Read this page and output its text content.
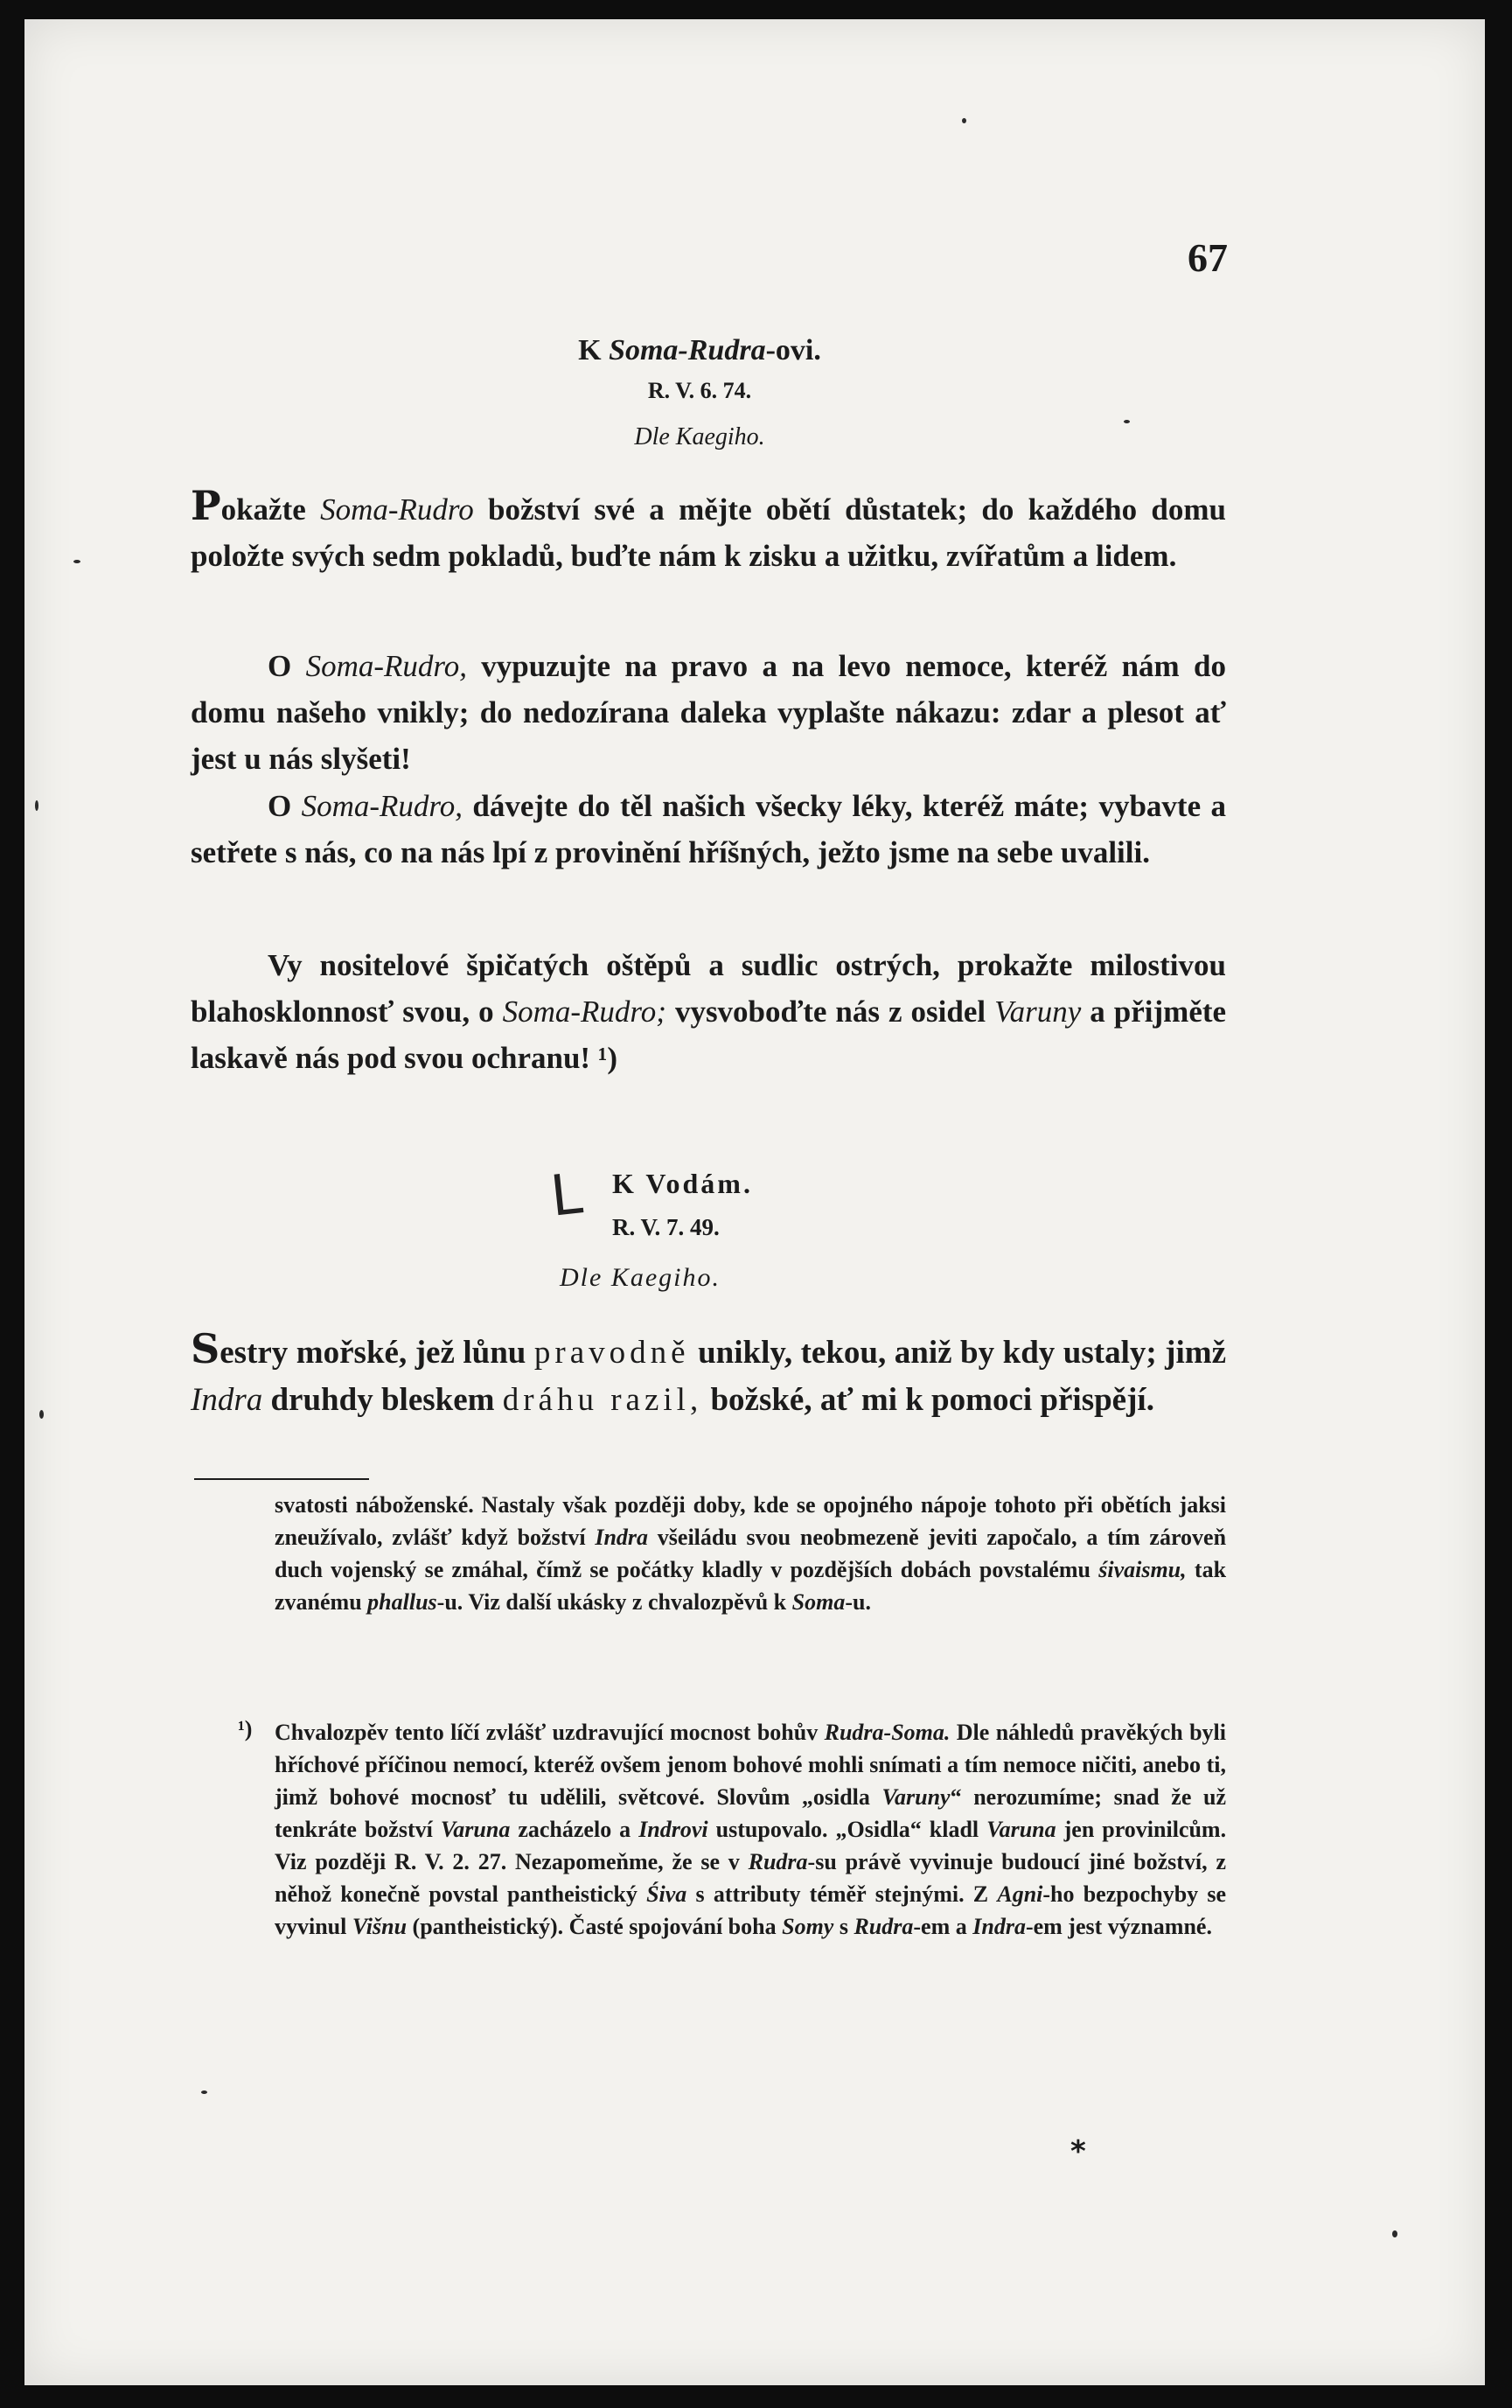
67
K Soma-Rudra-ovi.
R. V. 6. 74.
Dle Kaegiho.
Pokažte Soma-Rudro božství své a mějte obětí důstatek; do každého domu položte svých sedm pokladů, buďte nám k zisku a užitku, zvířatům a lidem.
O Soma-Rudro, vypuzujte na pravo a na levo nemoce, kteréž nám do domu našeho vnikly; do nedozírana daleka vyplašte nákazu: zdar a plesot ať jest u nás slyšeti!
O Soma-Rudro, dávejte do těl našich všecky léky, kteréž máte; vybavte a setřete s nás, co na nás lpí z provinění hříšných, ježto jsme na sebe uvalili.
Vy nositelové špičatých oštěpů a sudlic ostrých, prokažte milostivou blahosklonnosť svou, o Soma-Rudro; vysvoboďte nás z osidel Varuny a přijměte laskavě nás pod svou ochranu! ¹)
L K Vodám.
R. V. 7. 49.
Dle Kaegiho.
Sestry mořské, jež lůnu pravodně unikly, tekou, aniž by kdy ustaly; jimž Indra druhdy bleskem dráhu razil, božské, ať mi k pomoci přispějí.
svatosti náboženské. Nastaly však později doby, kde se opojného nápoje tohoto při obětích jaksi zneužívalo, zvlášť když božství Indra všeiládu svou neobmezeně jeviti započalo, a tím zároveň duch vojenský se zmáhal, čímž se počátky kladly v pozdějších dobách povstalému śivaismu, tak zvanému phallus-u. Viz další ukásky z chvalozpěvů k Soma-u.
¹) Chvalozpěv tento líčí zvlášť uzdravující mocnost bohův Rudra-Soma. Dle náhledů pravěkých byli hříchové příčinou nemocí, kteréž ovšem jenom bohové mohli snímati a tím nemoce ničiti, anebo ti, jimž bohové mocnosť tu udělili, světcové. Slovům „osidla Varuny“ nerozumíme; snad že už tenkráte božství Varuna zacházelo a Indrovi ustupovalo. „Osidla“ kladl Varuna jen provinilcům. Viz později R. V. 2. 27. Nezapomeňme, že se v Rudra-su právě vyvinuje budoucí jiné božství, z něhož konečně povstal pantheistický Śiva s attributy téměř stejnými. Z Agni-ho bezpochyby se vyvinul Višnu (pantheistický). Časté spojování boha Somy s Rudra-em a Indra-em jest významné.
*
